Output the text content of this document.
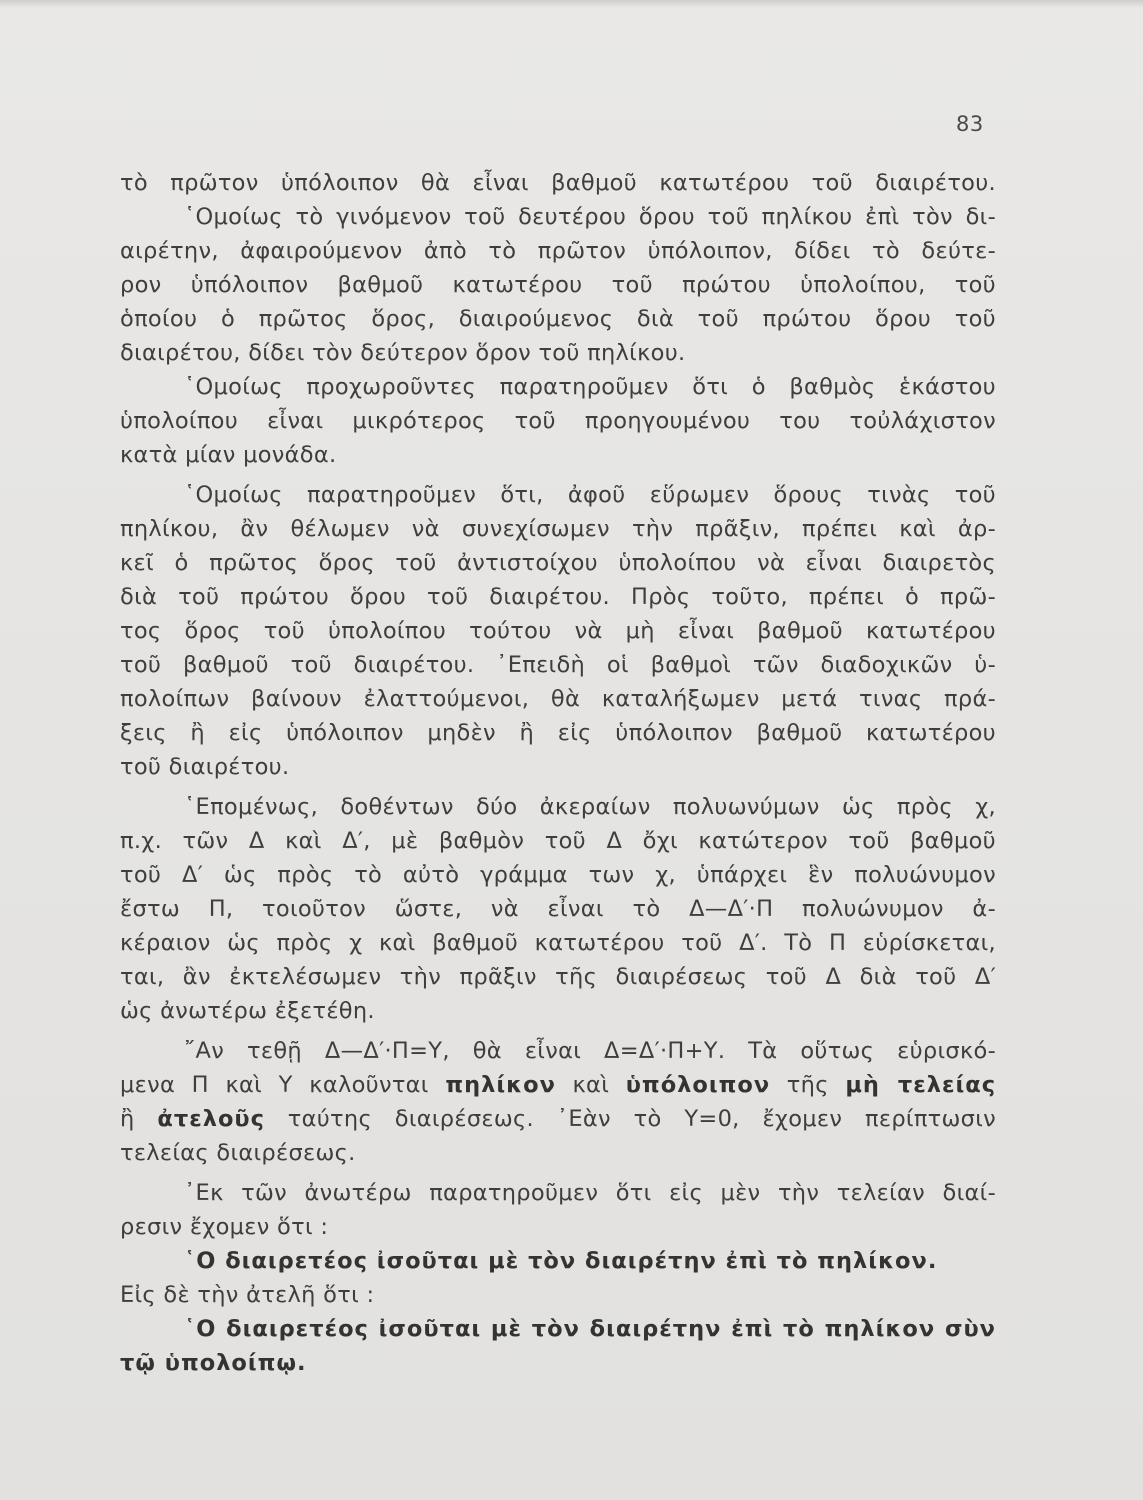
83
τὸ πρῶτον ὑπόλοιπον θὰ εἶναι βαθμοῦ κατωτέρου τοῦ διαιρέτου.
῾Ομοίως τὸ γινόμενον τοῦ δευτέρου ὅρου τοῦ πηλίκου ἐπὶ τὸν δι-
αιρέτην, ἀφαιρούμενον ἀπὸ τὸ πρῶτον ὑπόλοιπον, δίδει τὸ δεύτε-
ρον ὑπόλοιπον βαθμοῦ κατωτέρου τοῦ πρώτου ὑπολοίπου, τοῦ
ὁποίου ὁ πρῶτος ὅρος, διαιρούμενος διὰ τοῦ πρώτου ὅρου τοῦ
διαιρέτου, δίδει τὸν δεύτερον ὅρον τοῦ πηλίκου.
῾Ομοίως προχωροῦντες παρατηροῦμεν ὅτι ὁ βαθμὸς ἑκάστου
ὑπολοίπου εἶναι μικρότερος τοῦ προηγουμένου του τοὐλάχιστον
κατὰ μίαν μονάδα.
῾Ομοίως παρατηροῦμεν ὅτι, ἀφοῦ εὕρωμεν ὅρους τινὰς τοῦ
πηλίκου, ἂν θέλωμεν νὰ συνεχίσωμεν τὴν πρᾶξιν, πρέπει καὶ ἀρ-
κεῖ ὁ πρῶτος ὅρος τοῦ ἀντιστοίχου ὑπολοίπου νὰ εἶναι διαιρετὸς
διὰ τοῦ πρώτου ὅρου τοῦ διαιρέτου. Πρὸς τοῦτο, πρέπει ὁ πρῶ-
τος ὅρος τοῦ ὑπολοίπου τούτου νὰ μὴ εἶναι βαθμοῦ κατωτέρου
τοῦ βαθμοῦ τοῦ διαιρέτου. ᾿Επειδὴ οἱ βαθμοὶ τῶν διαδοχικῶν ὑ-
πολοίπων βαίνουν ἐλαττούμενοι, θὰ καταλήξωμεν μετά τινας πρά-
ξεις ἢ εἰς ὑπόλοιπον μηδὲν ἢ εἰς ὑπόλοιπον βαθμοῦ κατωτέρου
τοῦ διαιρέτου.
῾Επομένως, δοθέντων δύο ἀκεραίων πολυωνύμων ὡς πρὸς χ,
π.χ. τῶν Δ καὶ Δ′, μὲ βαθμὸν τοῦ Δ ὄχι κατώτερον τοῦ βαθμοῦ
τοῦ Δ′ ὡς πρὸς τὸ αὐτὸ γράμμα των χ, ὑπάρχει ἓν πολυώνυμον
ἔστω Π, τοιοῦτον ὥστε, νὰ εἶναι τὸ Δ—Δ′·Π πολυώνυμον ἀ-
κέραιον ὡς πρὸς χ καὶ βαθμοῦ κατωτέρου τοῦ Δ′. Τὸ Π εὑρίσκεται,
ται, ἂν ἐκτελέσωμεν τὴν πρᾶξιν τῆς διαιρέσεως τοῦ Δ διὰ τοῦ Δ′
ὡς ἀνωτέρω ἐξετέθη.
῎Αν τεθῇ Δ—Δ′·Π=Υ, θὰ εἶναι Δ=Δ′·Π+Υ. Τὰ οὕτως εὑρισκό-
μενα Π καὶ Υ καλοῦνται πηλίκον καὶ ὑπόλοιπον τῆς μὴ τελείας
ἢ ἀτελοῦς ταύτης διαιρέσεως. ᾿Εὰν τὸ Υ=0, ἔχομεν περίπτωσιν
τελείας διαιρέσεως.
᾿Εκ τῶν ἀνωτέρω παρατηροῦμεν ὅτι εἰς μὲν τὴν τελείαν διαί-
ρεσιν ἔχομεν ὅτι :
῾Ο διαιρετέος ἰσοῦται μὲ τὸν διαιρέτην ἐπὶ τὸ πηλίκον.
Εἰς δὲ τὴν ἀτελῆ ὅτι :
῾Ο διαιρετέος ἰσοῦται μὲ τὸν διαιρέτην ἐπὶ τὸ πηλίκον σὺν
τῷ ὑπολοίπῳ.
